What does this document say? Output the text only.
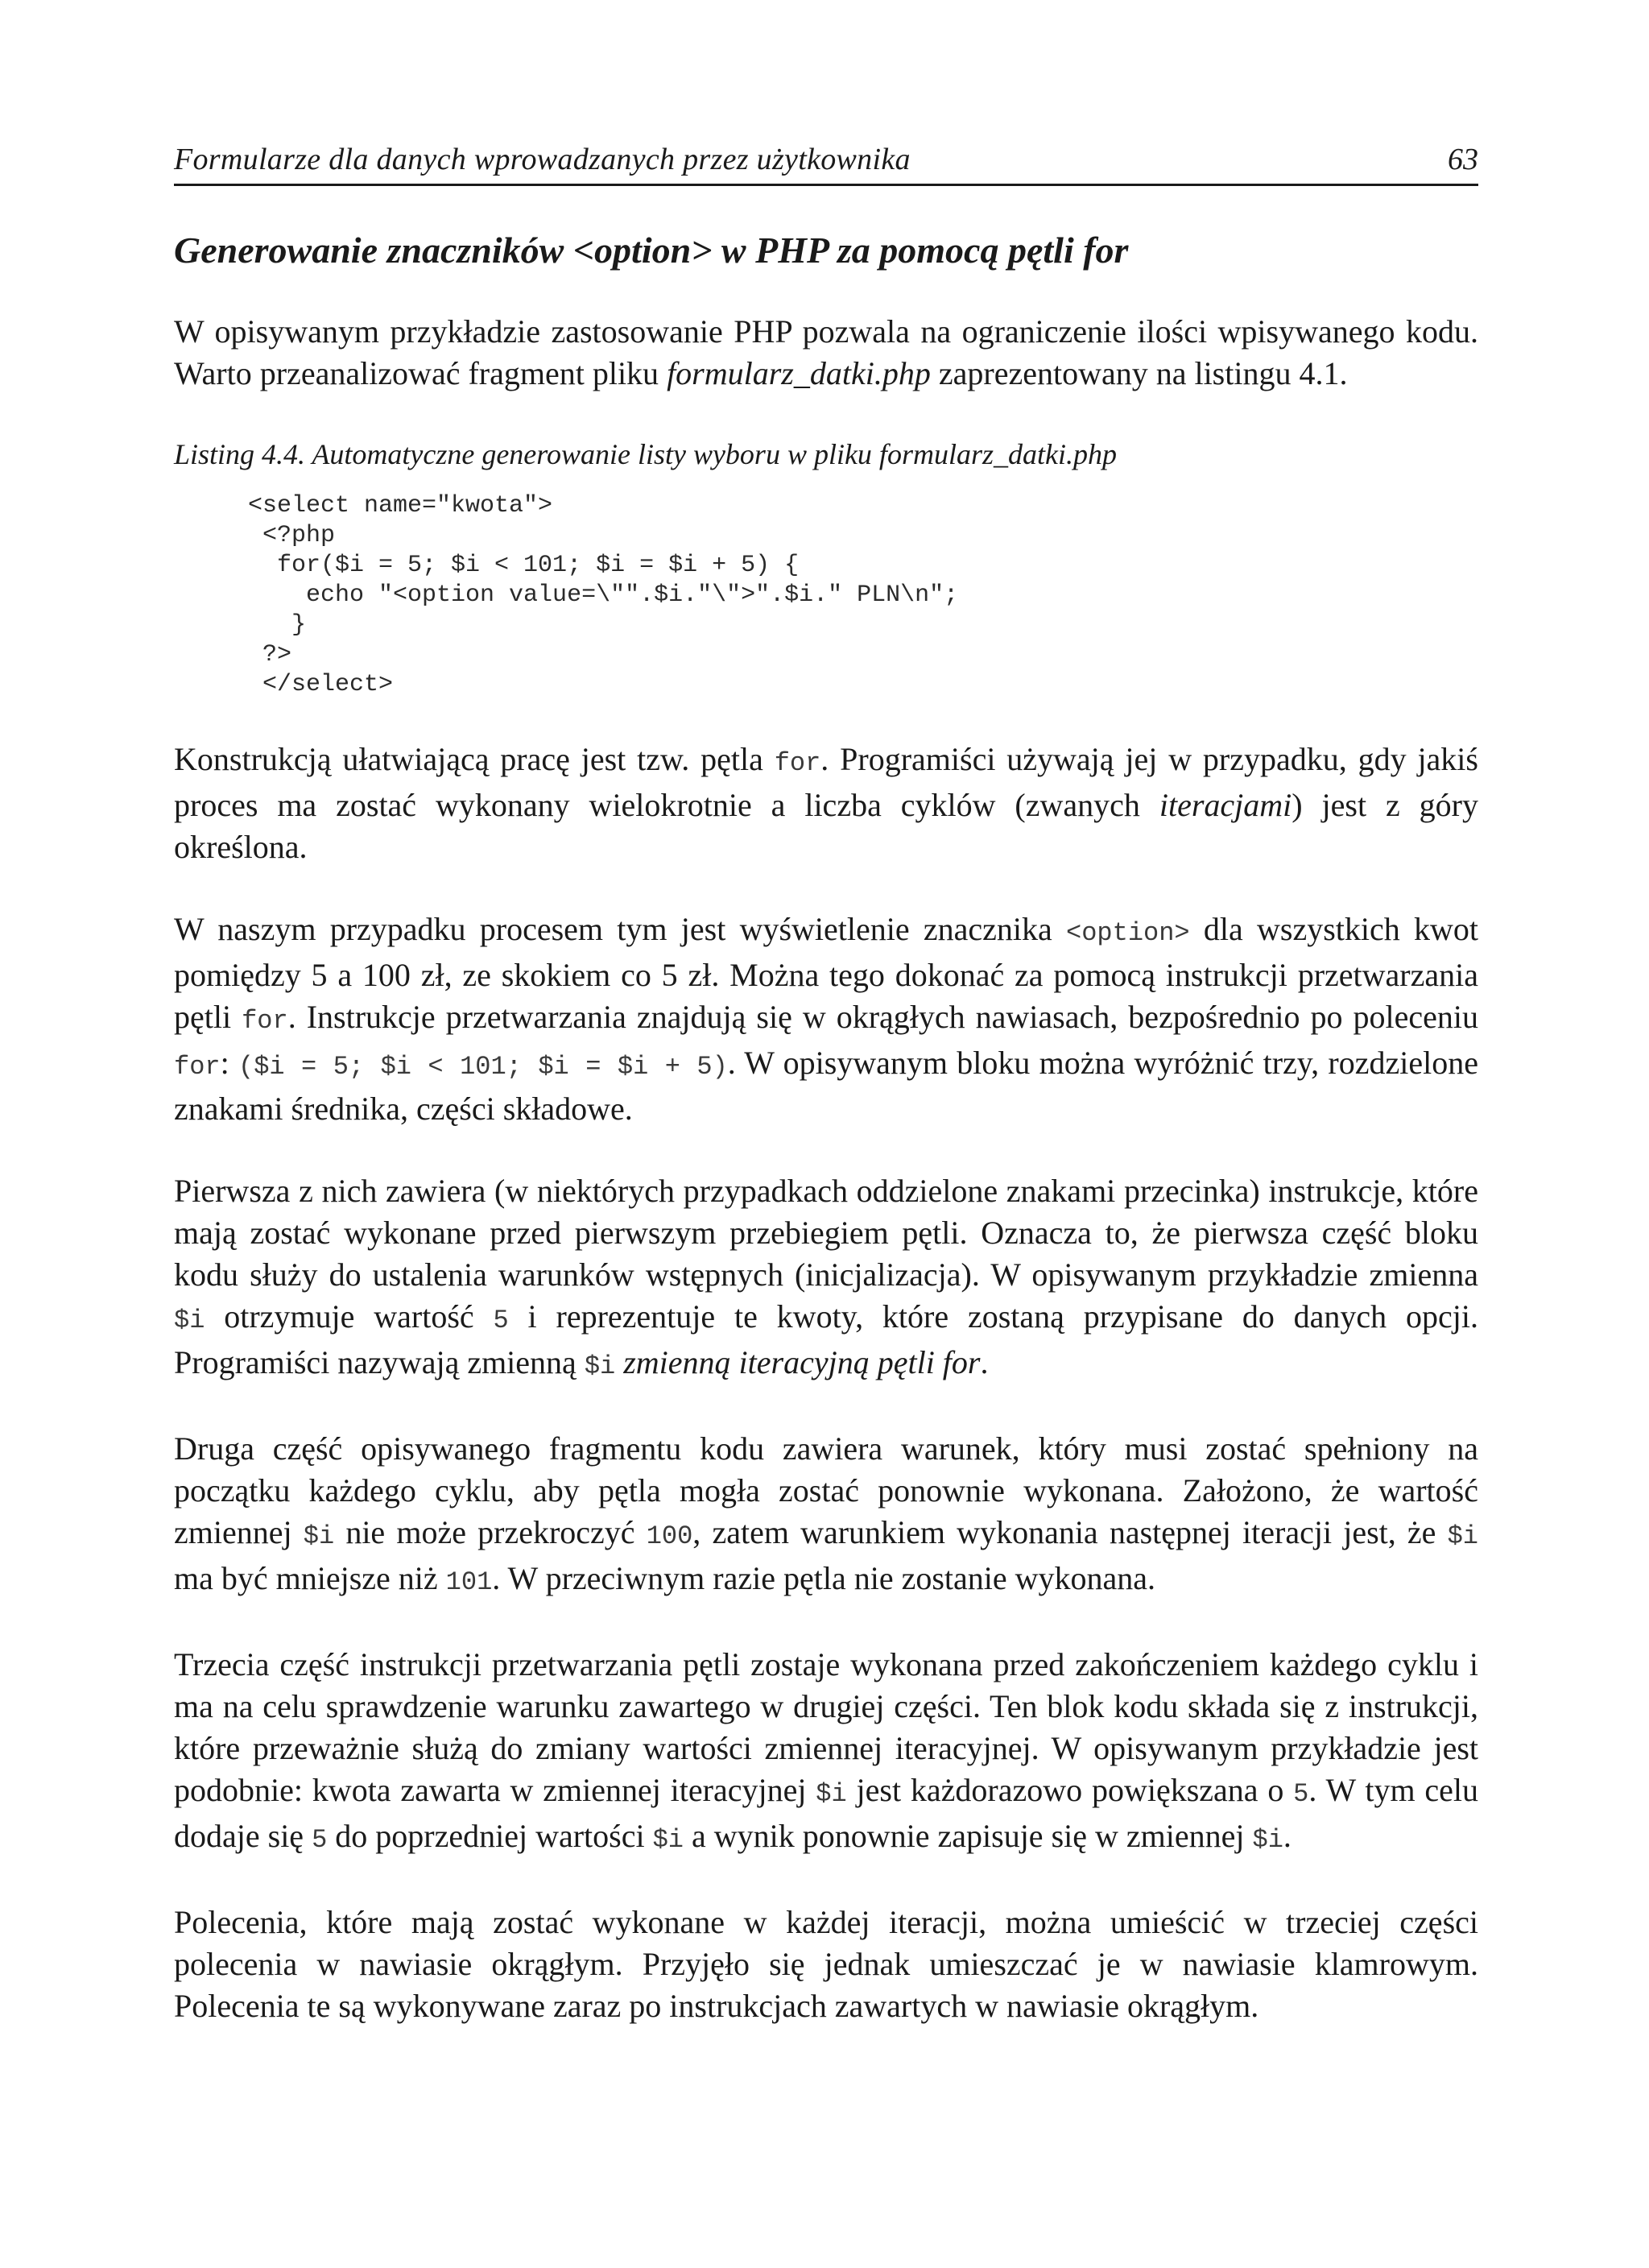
Formularze dla danych wprowadzanych przez użytkownika	63
Generowanie znaczników <option> w PHP za pomocą pętli for

W opisywanym przykładzie zastosowanie PHP pozwala na ograniczenie ilości wpisywanego kodu. Warto przeanalizować fragment pliku formularz_datki.php zaprezentowany na listingu 4.1.

Listing 4.4. Automatyczne generowanie listy wyboru w pliku formularz_datki.php
<select name="kwota">
<?php
for($i = 5; $i < 101; $i = $i + 5) {
echo "<option value=\"".$i."\">".$i." PLN\n";
}
?>
</select>

Konstrukcją ułatwiającą pracę jest tzw. pętla for. Programiści używają jej w przypadku, gdy jakiś proces ma zostać wykonany wielokrotnie a liczba cyklów (zwanych iteracjami) jest z góry określona.

W naszym przypadku procesem tym jest wyświetlenie znacznika <option> dla wszystkich kwot pomiędzy 5 a 100 zł, ze skokiem co 5 zł. Można tego dokonać za pomocą instrukcji przetwarzania pętli for. Instrukcje przetwarzania znajdują się w okrągłych nawiasach, bezpośrednio po poleceniu for: ($i = 5; $i < 101; $i = $i + 5). W opisywanym bloku można wyróżnić trzy, rozdzielone znakami średnika, części składowe.

Pierwsza z nich zawiera (w niektórych przypadkach oddzielone znakami przecinka) instrukcje, które mają zostać wykonane przed pierwszym przebiegiem pętli. Oznacza to, że pierwsza część bloku kodu służy do ustalenia warunków wstępnych (inicjalizacja). W opisywanym przykładzie zmienna $i otrzymuje wartość 5 i reprezentuje te kwoty, które zostaną przypisane do danych opcji. Programiści nazywają zmienną $i zmienną iteracyjną pętli for.

Druga część opisywanego fragmentu kodu zawiera warunek, który musi zostać spełniony na początku każdego cyklu, aby pętla mogła zostać ponownie wykonana. Założono, że wartość zmiennej $i nie może przekroczyć 100, zatem warunkiem wykonania następnej iteracji jest, że $i ma być mniejsze niż 101. W przeciwnym razie pętla nie zostanie wykonana.

Trzecia część instrukcji przetwarzania pętli zostaje wykonana przed zakończeniem każdego cyklu i ma na celu sprawdzenie warunku zawartego w drugiej części. Ten blok kodu składa się z instrukcji, które przeważnie służą do zmiany wartości zmiennej iteracyjnej. W opisywanym przykładzie jest podobnie: kwota zawarta w zmiennej iteracyjnej $i jest każdorazowo powiększana o 5. W tym celu dodaje się 5 do poprzedniej wartości $i a wynik ponownie zapisuje się w zmiennej $i.

Polecenia, które mają zostać wykonane w każdej iteracji, można umieścić w trzeciej części polecenia w nawiasie okrągłym. Przyjęło się jednak umieszczać je w nawiasie klamrowym. Polecenia te są wykonywane zaraz po instrukcjach zawartych w nawiasie okrągłym.
